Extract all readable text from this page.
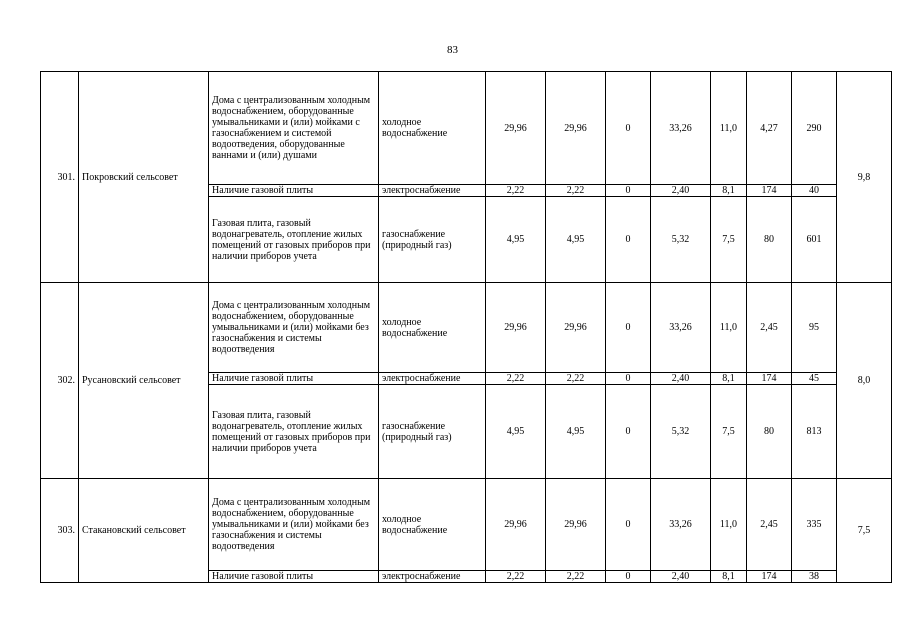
83
301.	Покровский сельсовет	Дома с централизованным холодным водоснабжением, оборудованные умывальниками и (или) мойками с газоснабжением и системой водоотведения, оборудованные ваннами и (или) душами	холодное водоснабжение	29,96	29,96	0	33,26	11,0	4,27	290	9,8
		Наличие газовой плиты	электроснабжение	2,22	2,22	0	2,40	8,1	174	40	
		Газовая плита, газовый водонагреватель, отопление жилых помещений от газовых приборов при наличии приборов учета	газоснабжение (природный газ)	4,95	4,95	0	5,32	7,5	80	601	
302.	Русановский сельсовет	Дома с централизованным холодным водоснабжением, оборудованные умывальниками и (или) мойками без газоснабжения и системы водоотведения	холодное водоснабжение	29,96	29,96	0	33,26	11,0	2,45	95	8,0
		Наличие газовой плиты	электроснабжение	2,22	2,22	0	2,40	8,1	174	45	
		Газовая плита, газовый водонагреватель, отопление жилых помещений от газовых приборов при наличии приборов учета	газоснабжение (природный газ)	4,95	4,95	0	5,32	7,5	80	813	
303.	Стакановский сельсовет	Дома с централизованным холодным водоснабжением, оборудованные умывальниками и (или) мойками без газоснабжения и системы водоотведения	холодное водоснабжение	29,96	29,96	0	33,26	11,0	2,45	335	7,5
		Наличие газовой плиты	электроснабжение	2,22	2,22	0	2,40	8,1	174	38	
